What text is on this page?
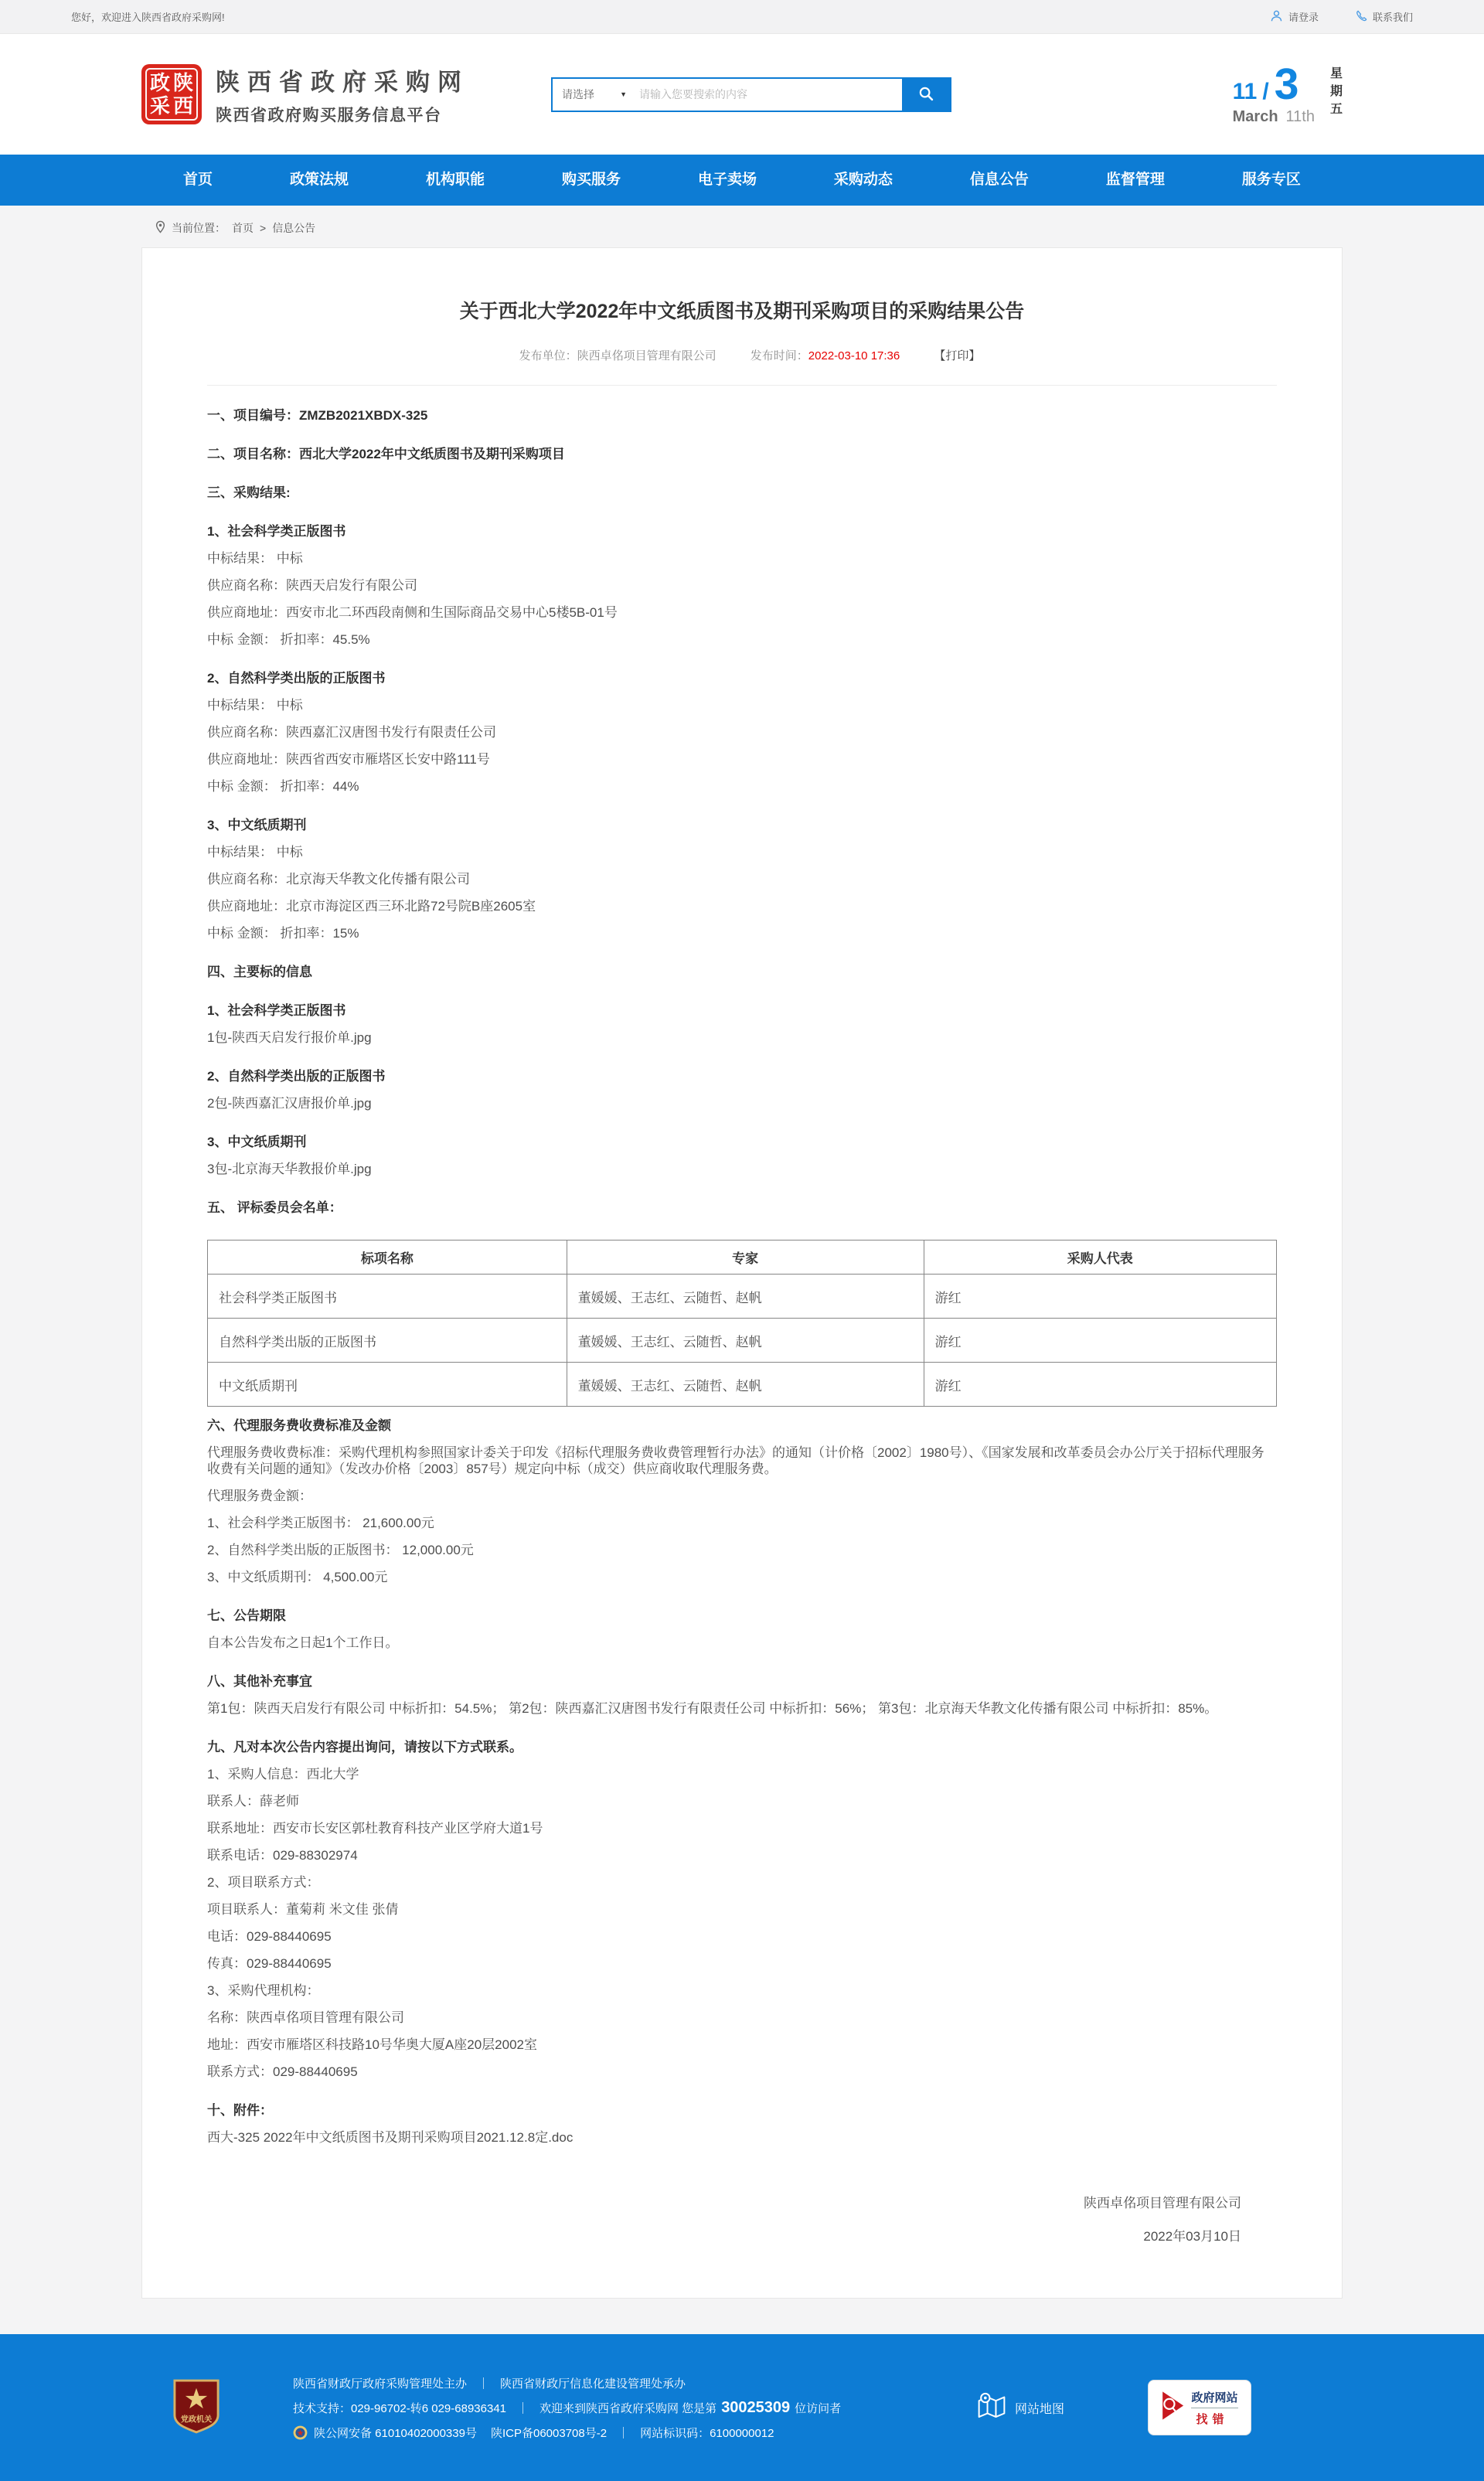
您好，欢迎进入陕西省政府采购网!	请登录	联系我们
政 陕
采 西
陕西省政府采购网
陕西省政府购买服务信息平台
请选择	▼
请输入您要搜索的内容	11 / 3
March 11th
星
期
五
首页	政策法规	机构职能	购买服务	电子卖场	采购动态	信息公告	监督管理	服务专区
当前位置： 首页 > 信息公告
关于西北大学2022年中文纸质图书及期刊采购项目的采购结果公告
发布单位：陕西卓佲项目管理有限公司	发布时间：2022-03-10 17:36	【打印】

一、项目编号：ZMZB2021XBDX-325

二、项目名称：西北大学2022年中文纸质图书及期刊采购项目

三、采购结果:

1、社会科学类正版图书

中标结果： 中标

供应商名称：陕西天启发行有限公司

供应商地址：西安市北二环西段南侧和生国际商品交易中心5楼5B-01号

中标 金额： 折扣率：45.5%

2、自然科学类出版的正版图书

中标结果： 中标

供应商名称：陕西嘉汇汉唐图书发行有限责任公司

供应商地址：陕西省西安市雁塔区长安中路111号

中标 金额： 折扣率：44%

3、中文纸质期刊

中标结果： 中标

供应商名称：北京海天华教文化传播有限公司

供应商地址：北京市海淀区西三环北路72号院B座2605室

中标 金额： 折扣率：15%

四、主要标的信息

1、社会科学类正版图书

1包-陕西天启发行报价单.jpg

2、自然科学类出版的正版图书

2包-陕西嘉汇汉唐报价单.jpg

3、中文纸质期刊

3包-北京海天华教报价单.jpg

五、 评标委员会名单：

标项名称	专家	采购人代表
社会科学类正版图书	董媛媛、王志红、云随哲、赵帆	游红
自然科学类出版的正版图书	董媛媛、王志红、云随哲、赵帆	游红
中文纸质期刊	董媛媛、王志红、云随哲、赵帆	游红

六、代理服务费收费标准及金额

代理服务费收费标准：采购代理机构参照国家计委关于印发《招标代理服务费收费管理暂行办法》的通知（计价格〔2002〕1980号）、《国家发展和改革委员会办公厅关于招标代理服务收费有关问题的通知》（发改办价格〔2003〕857号）规定向中标（成交）供应商收取代理服务费。

代理服务费金额：

1、社会科学类正版图书： 21,600.00元

2、自然科学类出版的正版图书： 12,000.00元

3、中文纸质期刊： 4,500.00元

七、公告期限

自本公告发布之日起1个工作日。

八、其他补充事宜

第1包：陕西天启发行有限公司 中标折扣：54.5%； 第2包：陕西嘉汇汉唐图书发行有限责任公司 中标折扣：56%； 第3包：北京海天华教文化传播有限公司 中标折扣：85%。

九、凡对本次公告内容提出询问，请按以下方式联系。

1、采购人信息：西北大学

联系人：薛老师

联系地址：西安市长安区郭杜教育科技产业区学府大道1号

联系电话：029-88302974

2、项目联系方式：

项目联系人：董菊莉 米文佳 张倩

电话：029-88440695

传真：029-88440695

3、采购代理机构：

名称：陕西卓佲项目管理有限公司

地址：西安市雁塔区科技路10号华奥大厦A座20层2002室

联系方式：029-88440695

十、附件：

西大-325 2022年中文纸质图书及期刊采购项目2021.12.8定.doc

陕西卓佲项目管理有限公司
2022年03月10日
党政机关
陕西省财政厅政府采购管理处主办 ｜ 陕西省财政厅信息化建设管理处承办
技术支持：029-96702-转6 029-68936341 ｜ 欢迎来到陕西省政府采购网 您是第 30025309 位访问者
陕公网安备 61010402000339号 陕ICP备06003708号-2 ｜ 网站标识码：6100000012
网站地图
政府网站
找错
